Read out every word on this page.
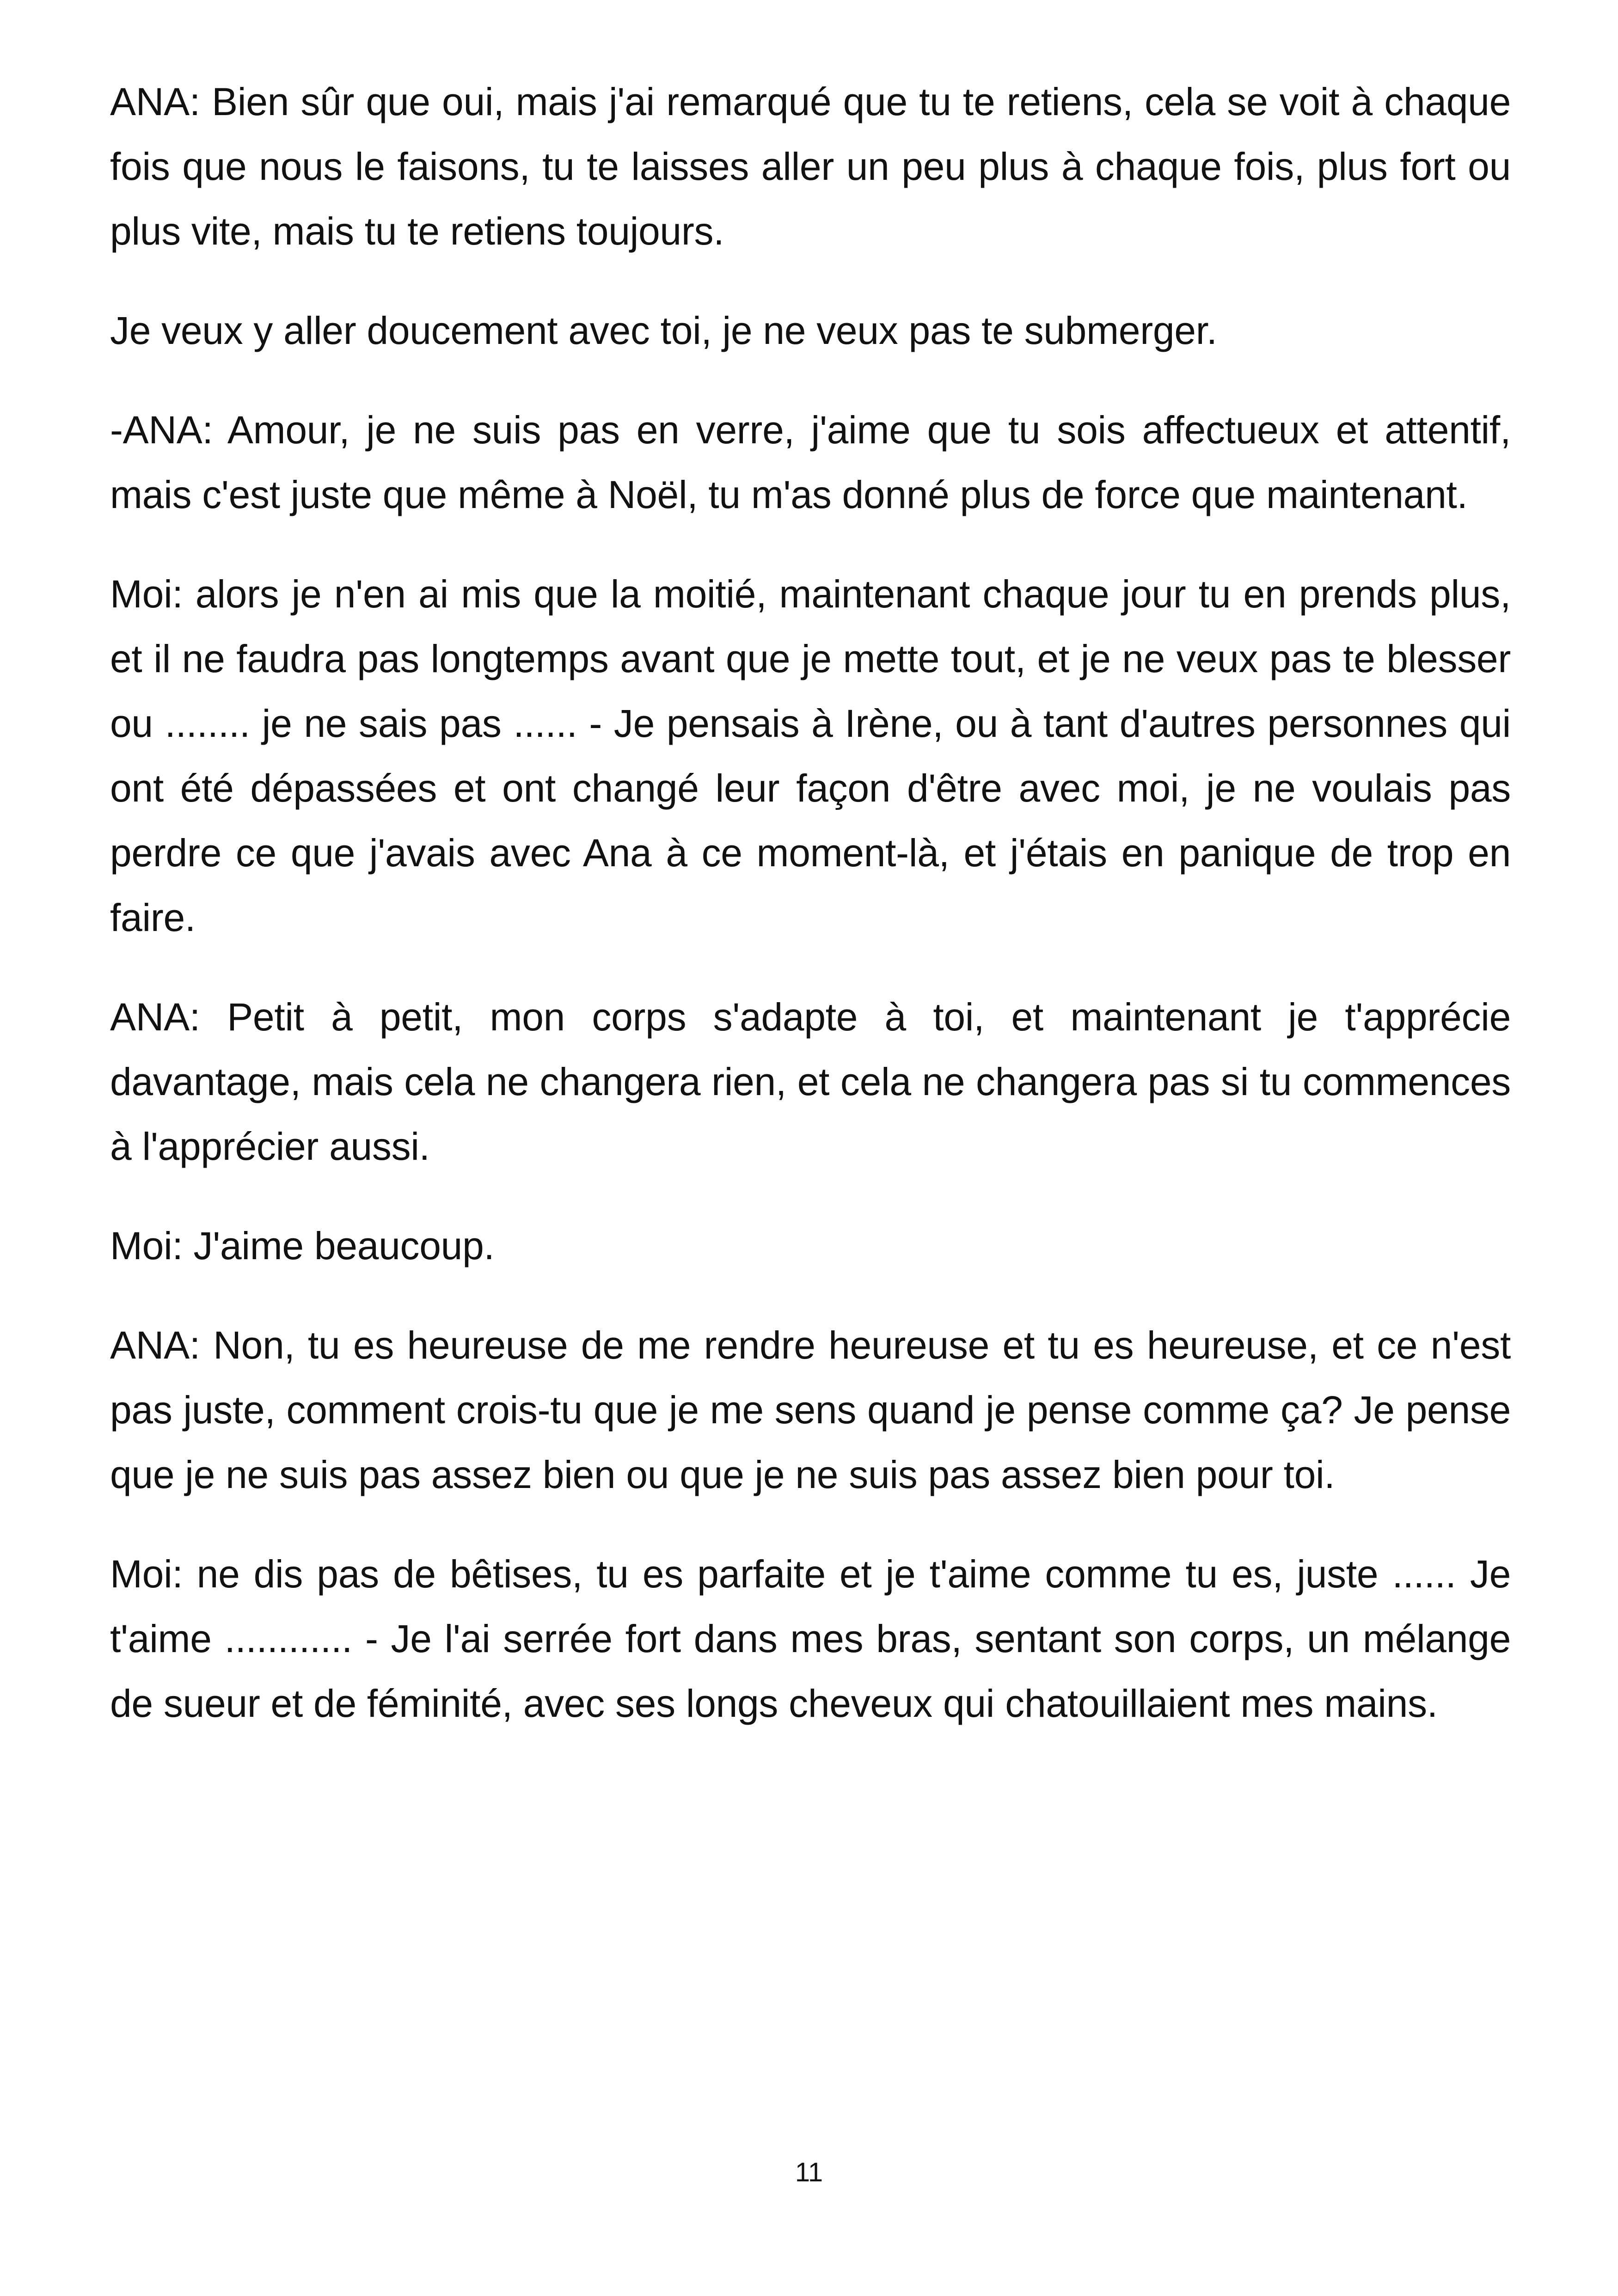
ANA: Bien sûr que oui, mais j'ai remarqué que tu te retiens, cela se voit à chaque fois que nous le faisons, tu te laisses aller un peu plus à chaque fois, plus fort ou plus vite, mais tu te retiens toujours.

Je veux y aller doucement avec toi, je ne veux pas te submerger.

-ANA: Amour, je ne suis pas en verre, j'aime que tu sois affectueux et attentif, mais c'est juste que même à Noël, tu m'as donné plus de force que maintenant.

Moi: alors je n'en ai mis que la moitié, maintenant chaque jour tu en prends plus, et il ne faudra pas longtemps avant que je mette tout, et je ne veux pas te blesser ou ........ je ne sais pas ...... - Je pensais à Irène, ou à tant d'autres personnes qui ont été dépassées et ont changé leur façon d'être avec moi, je ne voulais pas perdre ce que j'avais avec Ana à ce moment-là, et j'étais en panique de trop en faire.

ANA: Petit à petit, mon corps s'adapte à toi, et maintenant je t'apprécie davantage, mais cela ne changera rien, et cela ne changera pas si tu commences à l'apprécier aussi.

Moi: J'aime beaucoup.

ANA: Non, tu es heureuse de me rendre heureuse et tu es heureuse, et ce n'est pas juste, comment crois-tu que je me sens quand je pense comme ça? Je pense que je ne suis pas assez bien ou que je ne suis pas assez bien pour toi.

Moi: ne dis pas de bêtises, tu es parfaite et je t'aime comme tu es, juste ...... Je t'aime ............ - Je l'ai serrée fort dans mes bras, sentant son corps, un mélange de sueur et de féminité, avec ses longs cheveux qui chatouillaient mes mains.

11
